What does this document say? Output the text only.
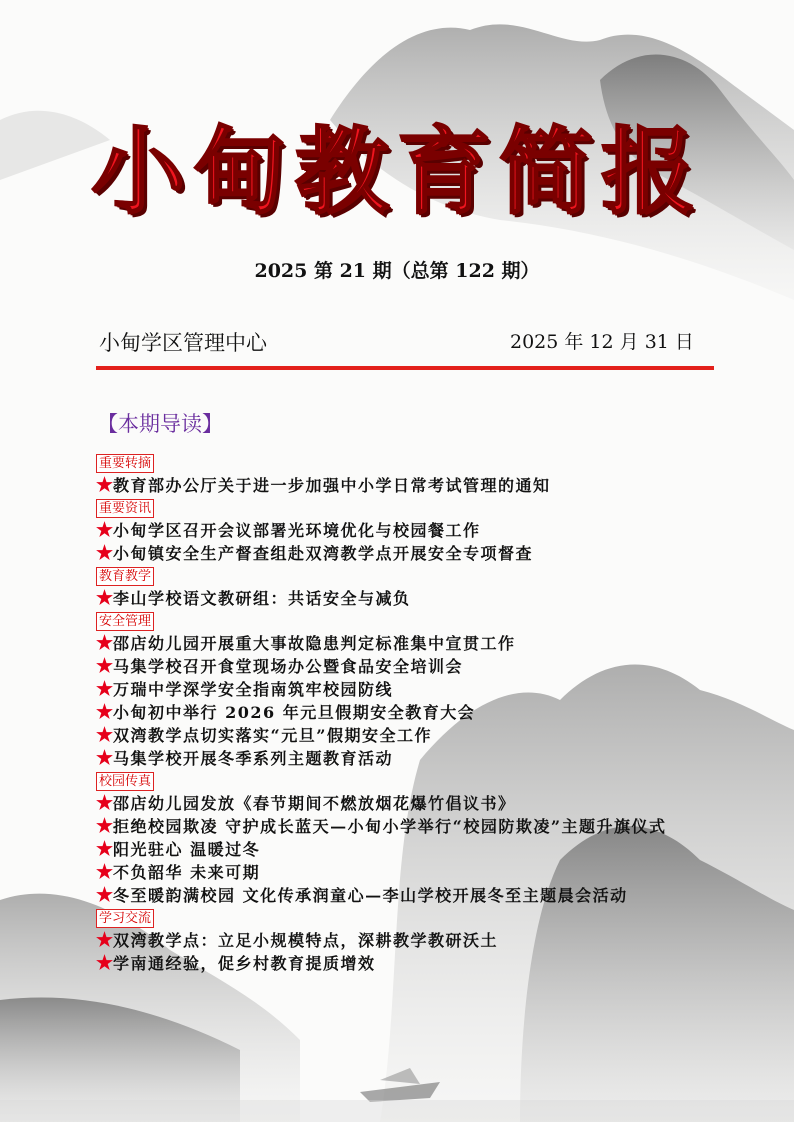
小甸教育简报
2025 第 21 期（总第 122 期）
小甸学区管理中心	2025 年 12 月 31 日
【本期导读】
重要转摘
★教育部办公厅关于进一步加强中小学日常考试管理的通知
重要资讯
★小甸学区召开会议部署光环境优化与校园餐工作
★小甸镇安全生产督查组赴双湾教学点开展安全专项督查
教育教学
★李山学校语文教研组：共话安全与减负
安全管理
★邵店幼儿园开展重大事故隐患判定标准集中宣贯工作
★马集学校召开食堂现场办公暨食品安全培训会
★万瑞中学深学安全指南筑牢校园防线
★小甸初中举行 2026 年元旦假期安全教育大会
★双湾教学点切实落实“元旦”假期安全工作
★马集学校开展冬季系列主题教育活动
校园传真
★邵店幼儿园发放《春节期间不燃放烟花爆竹倡议书》
★拒绝校园欺凌 守护成长蓝天—小甸小学举行“校园防欺凌”主题升旗仪式
★阳光驻心 温暖过冬
★不负韶华 未来可期
★冬至暖韵满校园 文化传承润童心—李山学校开展冬至主题晨会活动
学习交流
★双湾教学点：立足小规模特点，深耕教学教研沃土
★学南通经验，促乡村教育提质增效
